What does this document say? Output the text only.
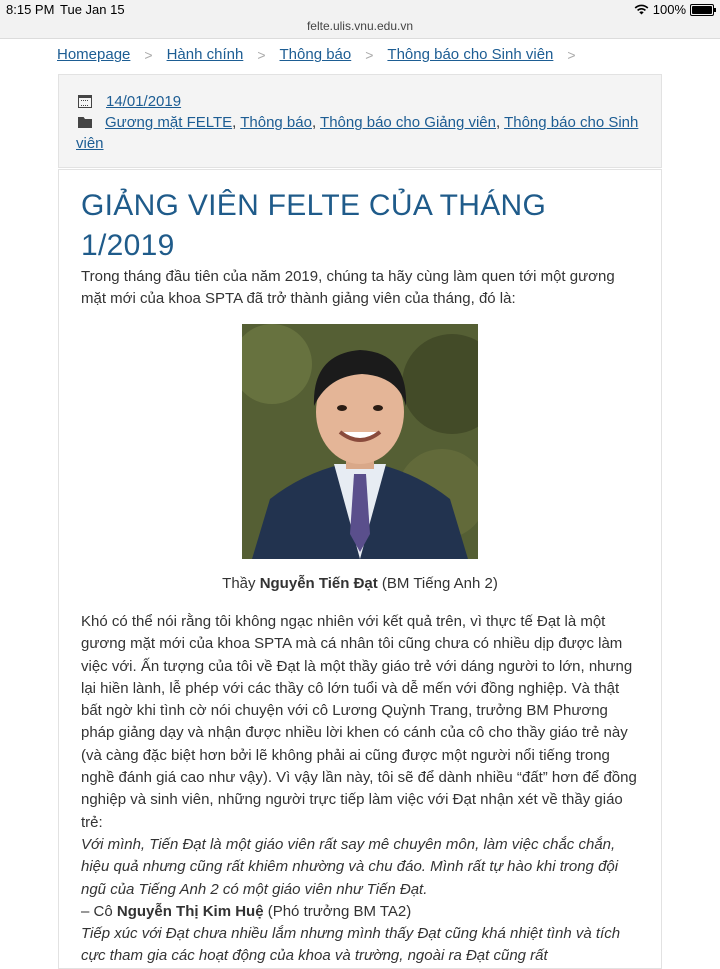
8:15 PM Tue Jan 15	100%
felte.ulis.vnu.edu.vn
Homepage > Hành chính > Thông báo > Thông báo cho Sinh viên >
14/01/2019
Gương mặt FELTE, Thông báo, Thông báo cho Giảng viên, Thông báo cho Sinh viên
GIẢNG VIÊN FELTE CỦA THÁNG 1/2019

Trong tháng đầu tiên của năm 2019, chúng ta hãy cùng làm quen tới một gương mặt mới của khoa SPTA đã trở thành giảng viên của tháng, đó là:

Thầy Nguyễn Tiến Đạt (BM Tiếng Anh 2)

Khó có thể nói rằng tôi không ngạc nhiên với kết quả trên, vì thực tế Đạt là một gương mặt mới của khoa SPTA mà cá nhân tôi cũng chưa có nhiều dịp được làm việc với. Ấn tượng của tôi về Đạt là một thầy giáo trẻ với dáng người to lớn, nhưng lại hiền lành, lễ phép với các thầy cô lớn tuổi và dễ mến với đồng nghiệp. Và thật bất ngờ khi tình cờ nói chuyện với cô Lương Quỳnh Trang, trưởng BM Phương pháp giảng dạy và nhận được nhiều lời khen có cánh của cô cho thầy giáo trẻ này (và càng đặc biệt hơn bởi lẽ không phải ai cũng được một người nổi tiếng trong nghề đánh giá cao như vậy). Vì vậy lần này, tôi sẽ để dành nhiều “đất” hơn để đồng nghiệp và sinh viên, những người trực tiếp làm việc với Đạt nhận xét về thầy giáo trẻ:

Với mình, Tiến Đạt là một giáo viên rất say mê chuyên môn, làm việc chắc chắn, hiệu quả nhưng cũng rất khiêm nhường và chu đáo. Mình rất tự hào khi trong đội ngũ của Tiếng Anh 2 có một giáo viên như Tiến Đạt.

– Cô Nguyễn Thị Kim Huệ (Phó trưởng BM TA2)

Tiếp xúc với Đạt chưa nhiều lắm nhưng mình thấy Đạt cũng khá nhiệt tình và tích cực tham gia các hoạt động của khoa và trường, ngoài ra Đạt cũng rất
